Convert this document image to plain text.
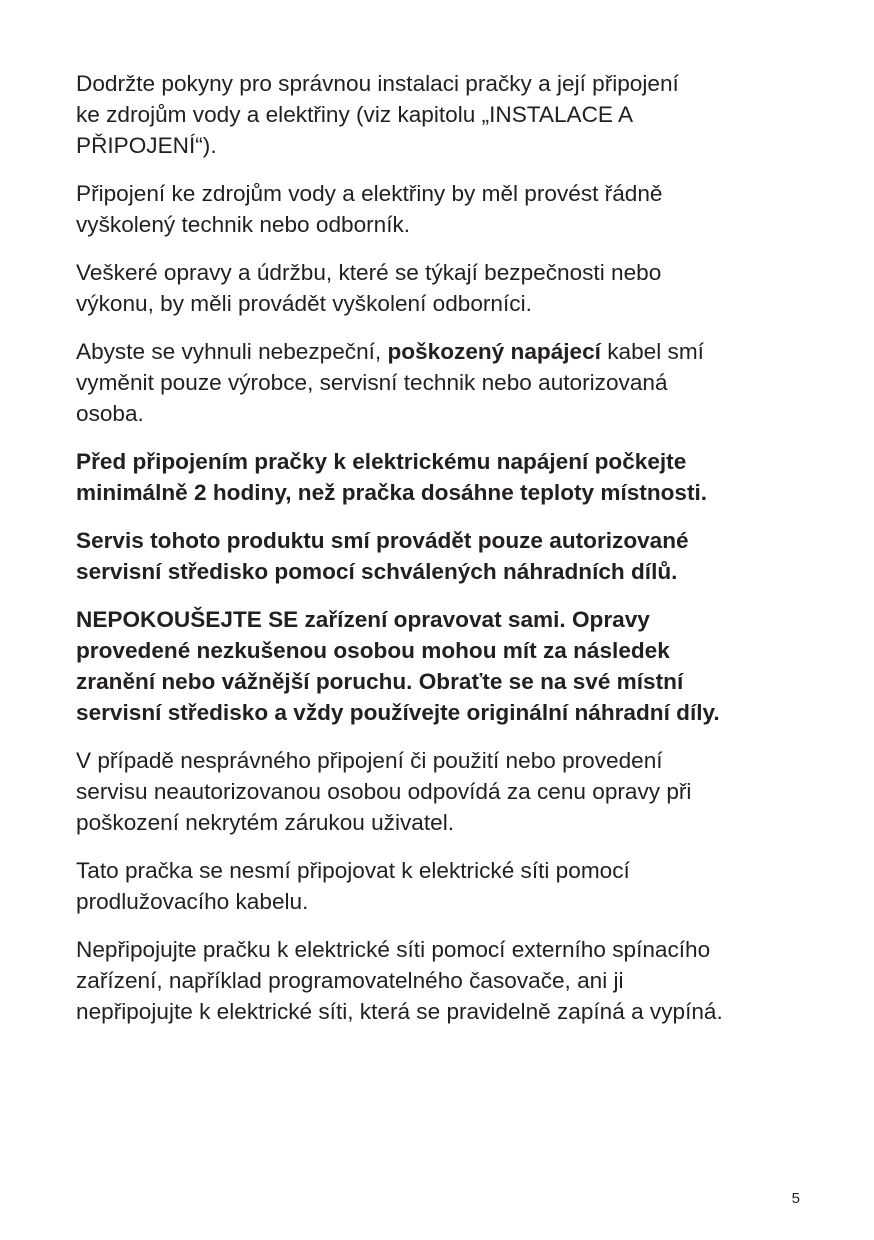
Dodržte pokyny pro správnou instalaci pračky a její připojení
ke zdrojům vody a elektřiny (viz kapitolu „INSTALACE A
PŘIPOJENÍ“).

Připojení ke zdrojům vody a elektřiny by měl provést řádně
vyškolený technik nebo odborník.

Veškeré opravy a údržbu, které se týkají bezpečnosti nebo
výkonu, by měli provádět vyškolení odborníci.

Abyste se vyhnuli nebezpeční, poškozený napájecí kabel smí
vyměnit pouze výrobce, servisní technik nebo autorizovaná
osoba.

Před připojením pračky k elektrickému napájení počkejte
minimálně 2 hodiny, než pračka dosáhne teploty místnosti.

Servis tohoto produktu smí provádět pouze autorizované
servisní středisko pomocí schválených náhradních dílů.

NEPOKOUŠEJTE SE zařízení opravovat sami. Opravy
provedené nezkušenou osobou mohou mít za následek
zranění nebo vážnější poruchu. Obraťte se na své místní
servisní středisko a vždy používejte originální náhradní díly.

V případě nesprávného připojení či použití nebo provedení
servisu neautorizovanou osobou odpovídá za cenu opravy při
poškození nekrytém zárukou uživatel.

Tato pračka se nesmí připojovat k elektrické síti pomocí
prodlužovacího kabelu.

Nepřipojujte pračku k elektrické síti pomocí externího spínacího
zařízení, například programovatelného časovače, ani ji
nepřipojujte k elektrické síti, která se pravidelně zapíná a vypíná.

5
